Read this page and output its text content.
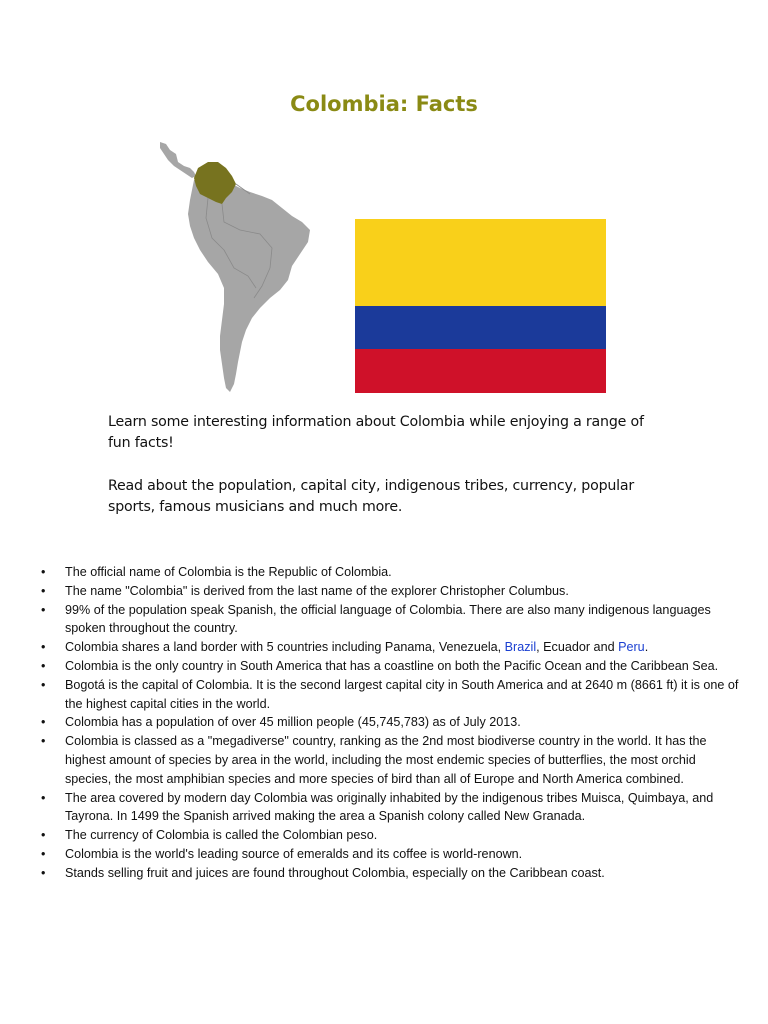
Colombia: Facts

Learn some interesting information about Colombia while enjoying a range of fun facts!

Read about the population, capital city, indigenous tribes, currency, popular sports, famous musicians and much more.

• The official name of Colombia is the Republic of Colombia.
• The name "Colombia" is derived from the last name of the explorer Christopher Columbus.
• 99% of the population speak Spanish, the official language of Colombia. There are also many indigenous languages spoken throughout the country.
• Colombia shares a land border with 5 countries including Panama, Venezuela, Brazil, Ecuador and Peru.
• Colombia is the only country in South America that has a coastline on both the Pacific Ocean and the Caribbean Sea.
• Bogotá is the capital of Colombia. It is the second largest capital city in South America and at 2640 m (8661 ft) it is one of the highest capital cities in the world.
• Colombia has a population of over 45 million people (45,745,783) as of July 2013.
• Colombia is classed as a "megadiverse" country, ranking as the 2nd most biodiverse country in the world. It has the highest amount of species by area in the world, including the most endemic species of butterflies, the most orchid species, the most amphibian species and more species of bird than all of Europe and North America combined.
• The area covered by modern day Colombia was originally inhabited by the indigenous tribes Muisca, Quimbaya, and Tayrona. In 1499 the Spanish arrived making the area a Spanish colony called New Granada.
• The currency of Colombia is called the Colombian peso.
• Colombia is the world's leading source of emeralds and its coffee is world-renown.
• Stands selling fruit and juices are found throughout Colombia, especially on the Caribbean coast.
